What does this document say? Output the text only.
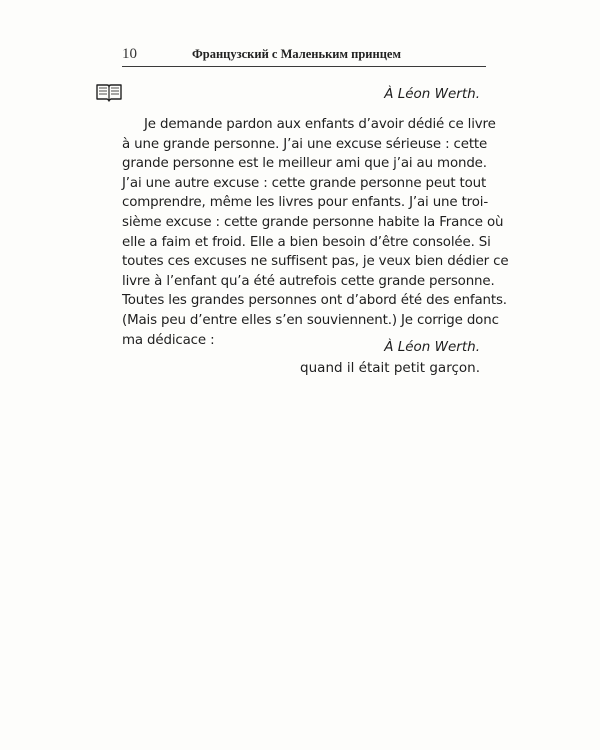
10	Французский с Маленьким принцем
À Léon Werth.
Je demande pardon aux enfants d’avoir dédié ce livre
à une grande personne. J’ai une excuse sérieuse : cette
grande personne est le meilleur ami que j’ai au monde.
J’ai une autre excuse : cette grande personne peut tout
comprendre, même les livres pour enfants. J’ai une troi-
sième excuse : cette grande personne habite la France où
elle a faim et froid. Elle a bien besoin d’être consolée. Si
toutes ces excuses ne suffisent pas, je veux bien dédier ce
livre à l’enfant qu’a été autrefois cette grande personne.
Toutes les grandes personnes ont d’abord été des enfants.
(Mais peu d’entre elles s’en souviennent.) Je corrige donc
ma dédicace :	À Léon Werth.
quand il était petit garçon.
